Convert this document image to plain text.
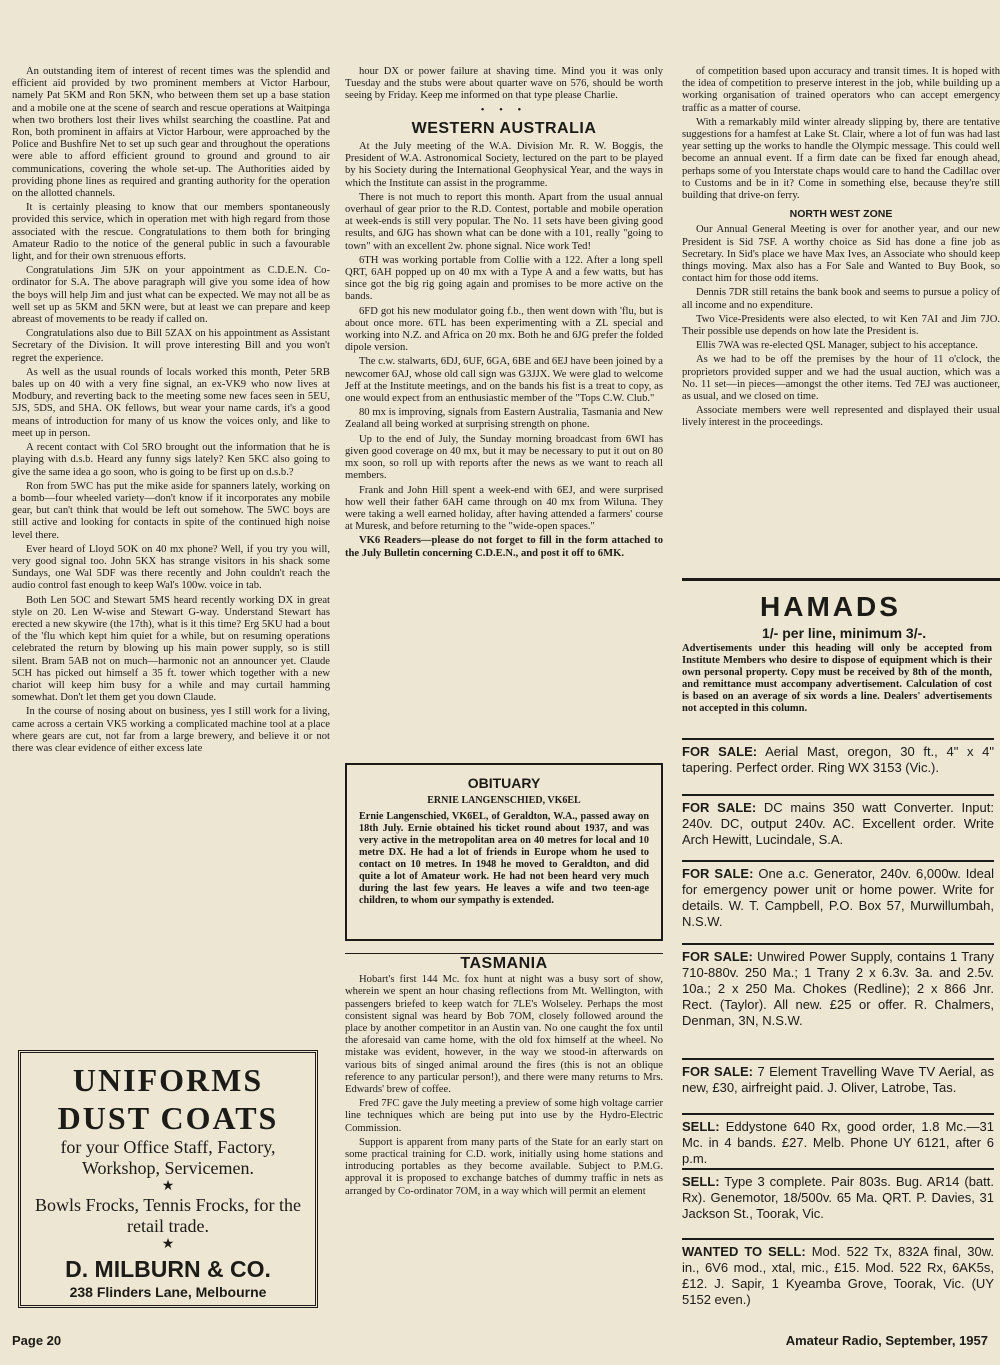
An outstanding item of interest of recent times was the splendid and efficient aid provided by two prominent members at Victor Harbour, namely Pat 5KM and Ron 5KN, who between them set up a base station and a mobile one at the scene of search and rescue operations at Waitpinga when two brothers lost their lives whilst searching the coastline. Pat and Ron, both prominent in affairs at Victor Harbour, were approached by the Police and Bushfire Net to set up such gear and throughout the operations were able to afford efficient ground to ground and ground to air communications, covering the whole set-up. The Authorities aided by providing phone lines as required and granting authority for the operation on the allotted channels.

It is certainly pleasing to know that our members spontaneously provided this service, which in operation met with high regard from those associated with the rescue. Congratulations to them both for bringing Amateur Radio to the notice of the general public in such a favourable light, and for their own strenuous efforts.

Congratulations Jim 5JK on your appointment as C.D.E.N. Co-ordinator for S.A. The above paragraph will give you some idea of how the boys will help Jim and just what can be expected. We may not all be as well set up as 5KM and 5KN were, but at least we can prepare and keep abreast of movements to be ready if called on.

Congratulations also due to Bill 5ZAX on his appointment as Assistant Secretary of the Division. It will prove interesting Bill and you won't regret the experience.

As well as the usual rounds of locals worked this month, Peter 5RB bales up on 40 with a very fine signal, an ex-VK9 who now lives at Modbury, and reverting back to the meeting some new faces seen in 5EU, 5JS, 5DS, and 5HA. OK fellows, but wear your name cards, it's a good means of introduction for many of us know the voices only, and like to meet up in person.

A recent contact with Col 5RO brought out the information that he is playing with d.s.b. Heard any funny sigs lately? Ken 5KC also going to give the same idea a go soon, who is going to be first up on d.s.b.?

Ron from 5WC has put the mike aside for spanners lately, working on a bomb—four wheeled variety—don't know if it incorporates any mobile gear, but can't think that would be left out somehow. The 5WC boys are still active and looking for contacts in spite of the continued high noise level there.

Ever heard of Lloyd 5OK on 40 mx phone? Well, if you try you will, very good signal too. John 5KX has strange visitors in his shack some Sundays, one Wal 5DF was there recently and John couldn't reach the audio control fast enough to keep Wal's 100w. voice in tab.

Both Len 5OC and Stewart 5MS heard recently working DX in great style on 20. Len W-wise and Stewart G-way. Understand Stewart has erected a new skywire (the 17th), what is it this time? Erg 5KU had a bout of the 'flu which kept him quiet for a while, but on resuming operations celebrated the return by blowing up his main power supply, so is still silent. Bram 5AB not on much—harmonic not an announcer yet. Claude 5CH has picked out himself a 35 ft. tower which together with a new chariot will keep him busy for a while and may curtail hamming somewhat. Don't let them get you down Claude.

In the course of nosing about on business, yes I still work for a living, came across a certain VK5 working a complicated machine tool at a place where gears are cut, not far from a large brewery, and believe it or not there was clear evidence of either excess late

UNIFORMS
DUST COATS
for your Office Staff, Factory, Workshop, Servicemen.
★
Bowls Frocks, Tennis Frocks, for the retail trade.
★
D. MILBURN & CO.
238 Flinders Lane, Melbourne

hour DX or power failure at shaving time. Mind you it was only Tuesday and the stubs were about quarter wave on 576, should be worth seeing by Friday. Keep me informed on that type please Charlie.

• • •
WESTERN AUSTRALIA

At the July meeting of the W.A. Division Mr. R. W. Boggis, the President of W.A. Astronomical Society, lectured on the part to be played by his Society during the International Geophysical Year, and the ways in which the Institute can assist in the programme.

There is not much to report this month. Apart from the usual annual overhaul of gear prior to the R.D. Contest, portable and mobile operation at week-ends is still very popular. The No. 11 sets have been giving good results, and 6JG has shown what can be done with a 101, really "going to town" with an excellent 2w. phone signal. Nice work Ted!

6TH was working portable from Collie with a 122. After a long spell QRT, 6AH popped up on 40 mx with a Type A and a few watts, but has since got the big rig going again and promises to be more active on the bands.

6FD got his new modulator going f.b., then went down with 'flu, but is about once more. 6TL has been experimenting with a ZL special and working into N.Z. and Africa on 20 mx. Both he and 6JG prefer the folded dipole version.

The c.w. stalwarts, 6DJ, 6UF, 6GA, 6BE and 6EJ have been joined by a newcomer 6AJ, whose old call sign was G3JJX. We were glad to welcome Jeff at the Institute meetings, and on the bands his fist is a treat to copy, as one would expect from an enthusiastic member of the "Tops C.W. Club."

80 mx is improving, signals from Eastern Australia, Tasmania and New Zealand all being worked at surprising strength on phone.

Up to the end of July, the Sunday morning broadcast from 6WI has given good coverage on 40 mx, but it may be necessary to put it out on 80 mx soon, so roll up with reports after the news as we want to reach all members.

Frank and John Hill spent a week-end with 6EJ, and were surprised how well their father 6AH came through on 40 mx from Wiluna. They were taking a well earned holiday, after having attended a farmers' course at Muresk, and before returning to the "wide-open spaces."

VK6 Readers—please do not forget to fill in the form attached to the July Bulletin concerning C.D.E.N., and post it off to 6MK.

OBITUARY
ERNIE LANGENSCHIED, VK6EL

Ernie Langenschied, VK6EL, of Geraldton, W.A., passed away on 18th July. Ernie obtained his ticket round about 1937, and was very active in the metropolitan area on 40 metres for local and 10 metre DX. He had a lot of friends in Europe whom he used to contact on 10 metres. In 1948 he moved to Geraldton, and did quite a lot of Amateur work. He had not been heard very much during the last few years. He leaves a wife and two teen-age children, to whom our sympathy is extended.

TASMANIA

Hobart's first 144 Mc. fox hunt at night was a busy sort of show, wherein we spent an hour chasing reflections from Mt. Wellington, with passengers briefed to keep watch for 7LE's Wolseley. Perhaps the most consistent signal was heard by Bob 7OM, closely followed around the place by another competitor in an Austin van. No one caught the fox until the aforesaid van came home, with the old fox himself at the wheel. No mistake was evident, however, in the way we stood-in afterwards on various bits of singed animal around the fires (this is not an oblique reference to any particular person!), and there were many returns to Mrs. Edwards' brew of coffee.

Fred 7FC gave the July meeting a preview of some high voltage carrier line techniques which are being put into use by the Hydro-Electric Commission.

Support is apparent from many parts of the State for an early start on some practical training for C.D. work, initially using home stations and introducing portables as they become available. Subject to P.M.G. approval it is proposed to exchange batches of dummy traffic in nets as arranged by Co-ordinator 7OM, in a way which will permit an element

of competition based upon accuracy and transit times. It is hoped with the idea of competition to preserve interest in the job, while building up a working organisation of trained operators who can accept emergency traffic as a matter of course.

With a remarkably mild winter already slipping by, there are tentative suggestions for a hamfest at Lake St. Clair, where a lot of fun was had last year setting up the works to handle the Olympic message. This could well become an annual event. If a firm date can be fixed far enough ahead, perhaps some of you Interstate chaps would care to hand the Cadillac over to Customs and be in it? Come in something else, because they're still building that drive-on ferry.

NORTH WEST ZONE

Our Annual General Meeting is over for another year, and our new President is Sid 7SF. A worthy choice as Sid has done a fine job as Secretary. In Sid's place we have Max Ives, an Associate who should keep things moving. Max also has a For Sale and Wanted to Buy Book, so contact him for those odd items.

Dennis 7DR still retains the bank book and seems to pursue a policy of all income and no expenditure.

Two Vice-Presidents were also elected, to wit Ken 7AI and Jim 7JO. Their possible use depends on how late the President is.

Ellis 7WA was re-elected QSL Manager, subject to his acceptance.

As we had to be off the premises by the hour of 11 o'clock, the proprietors provided supper and we had the usual auction, which was a No. 11 set—in pieces—amongst the other items. Ted 7EJ was auctioneer, as usual, and we closed on time.

Associate members were well represented and displayed their usual lively interest in the proceedings.

HAMADS
1/- per line, minimum 3/-.
Advertisements under this heading will only be accepted from Institute Members who desire to dispose of equipment which is their own personal property. Copy must be received by 8th of the month, and remittance must accompany advertisement. Calculation of cost is based on an average of six words a line. Dealers' advertisements not accepted in this column.
FOR SALE: Aerial Mast, oregon, 30 ft., 4" x 4" tapering. Perfect order. Ring WX 3153 (Vic.).
FOR SALE: DC mains 350 watt Converter. Input: 240v. DC, output 240v. AC. Excellent order. Write Arch Hewitt, Lucindale, S.A.
FOR SALE: One a.c. Generator, 240v. 6,000w. Ideal for emergency power unit or home power. Write for details. W. T. Campbell, P.O. Box 57, Murwillumbah, N.S.W.
FOR SALE: Unwired Power Supply, contains 1 Trany 710-880v. 250 Ma.; 1 Trany 2 x 6.3v. 3a. and 2.5v. 10a.; 2 x 250 Ma. Chokes (Redline); 2 x 866 Jnr. Rect. (Taylor). All new. £25 or offer. R. Chalmers, Denman, 3N, N.S.W.
FOR SALE: 7 Element Travelling Wave TV Aerial, as new, £30, airfreight paid. J. Oliver, Latrobe, Tas.
SELL: Eddystone 640 Rx, good order, 1.8 Mc.—31 Mc. in 4 bands. £27. Melb. Phone UY 6121, after 6 p.m.
SELL: Type 3 complete. Pair 803s. Bug. AR14 (batt. Rx). Genemotor, 18/500v. 65 Ma. QRT. P. Davies, 31 Jackson St., Toorak, Vic.
WANTED TO SELL: Mod. 522 Tx, 832A final, 30w. in., 6V6 mod., xtal, mic., £15. Mod. 522 Rx, 6AK5s, £12. J. Sapir, 1 Kyeamba Grove, Toorak, Vic. (UY 5152 even.)
Page 20	Amateur Radio, September, 1957
